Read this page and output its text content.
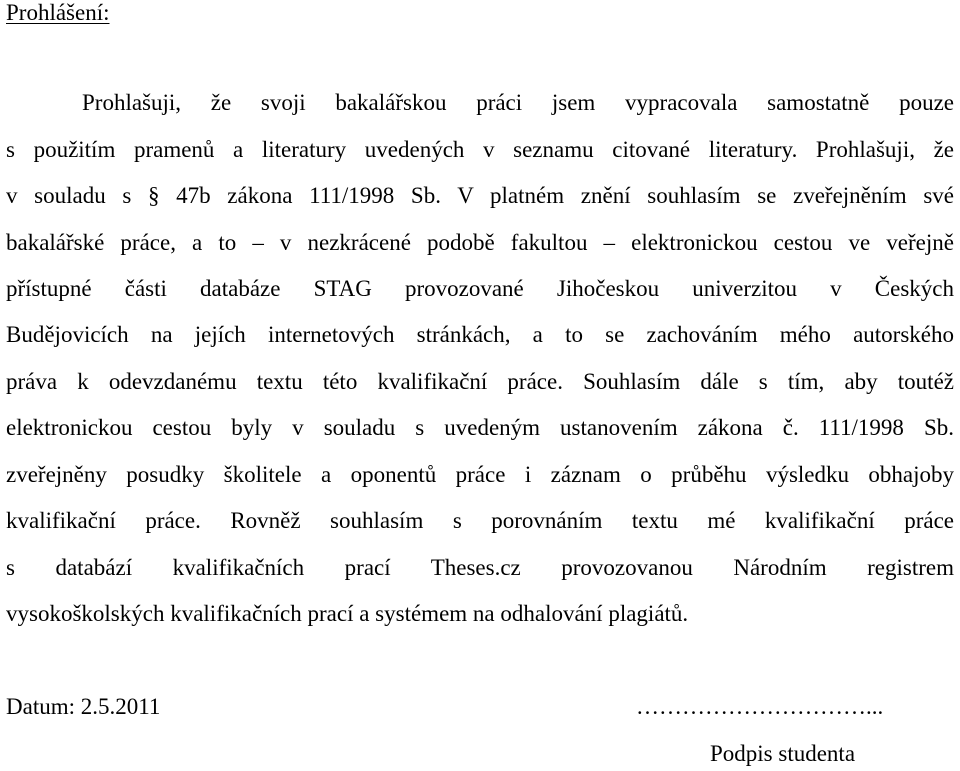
Prohlášení:
Prohlašuji, že svoji bakalářskou práci jsem vypracovala samostatně pouze
s použitím pramenů a literatury uvedených v seznamu citované literatury. Prohlašuji, že
v souladu s § 47b zákona 111/1998 Sb. V platném znění souhlasím se zveřejněním své
bakalářské práce, a to – v nezkrácené podobě fakultou – elektronickou cestou ve veřejně
přístupné části databáze STAG provozované Jihočeskou univerzitou v Českých
Budějovicích na jejích internetových stránkách, a to se zachováním mého autorského
práva k odevzdanému textu této kvalifikační práce. Souhlasím dále s tím, aby toutéž
elektronickou cestou byly v souladu s uvedeným ustanovením zákona č. 111/1998 Sb.
zveřejněny posudky školitele a oponentů práce i záznam o průběhu výsledku obhajoby
kvalifikační práce. Rovněž souhlasím s porovnáním textu mé kvalifikační práce
s databází kvalifikačních prací Theses.cz provozovanou Národním registrem
vysokoškolských kvalifikačních prací a systémem na odhalování plagiátů.
Datum: 2.5.2011	…………………………...
Podpis studenta
